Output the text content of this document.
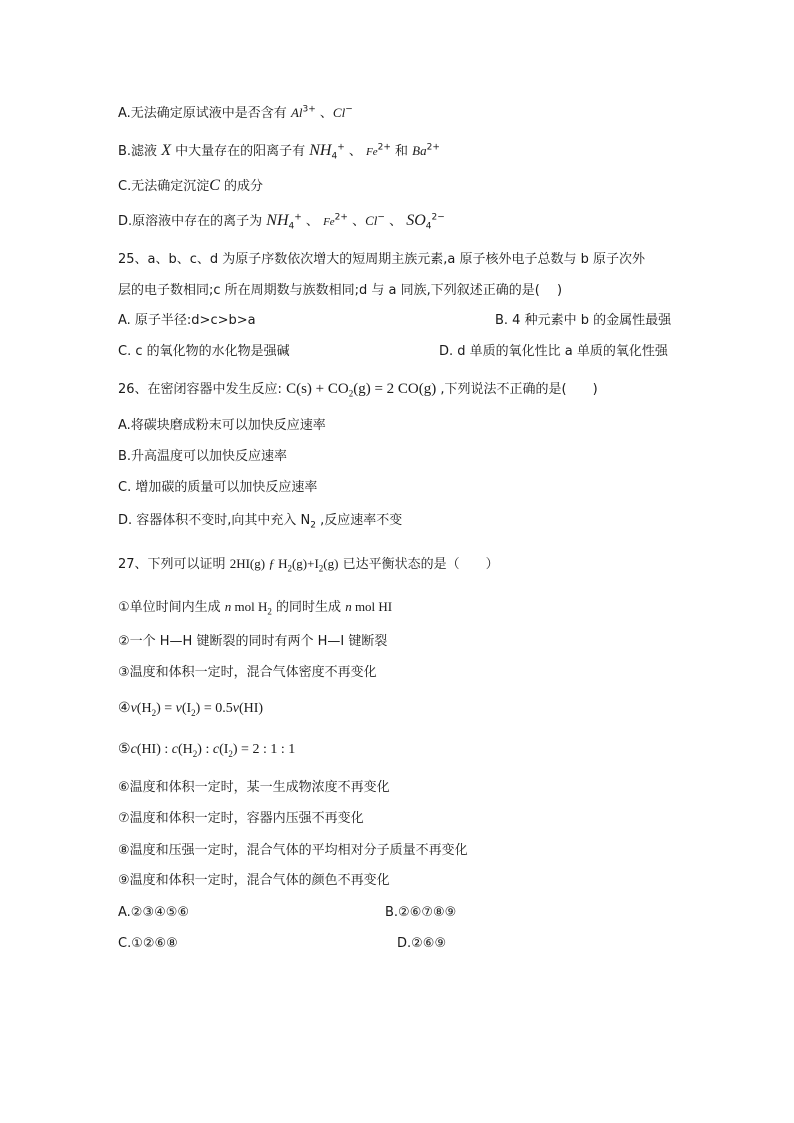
A.无法确定原试液中是否含有 $Al^{3+}$ 、Cl−
B.滤液 X 中大量存在的阳离子有 $NH_4^+$ 、 $Fe^{2+}$ 和 $Ba^{2+}$
C.无法确定沉淀C 的成分
D.原溶液中存在的离子为 $NH_4^+$ 、 $Fe^{2+}$ 、Cl− 、 $SO_4^{2-}$
25、a、b、c、d 为原子序数依次增大的短周期主族元素,a 原子核外电子总数与 b 原子次外
层的电子数相同;c 所在周期数与族数相同;d 与 a 同族,下列叙述正确的是(　 )
A. 原子半径:d>c>b>a	B. 4 种元素中 b 的金属性最强
C. c 的氧化物的水化物是强碱	D. d 单质的氧化性比 a 单质的氧化性强
26、在密闭容器中发生反应: $C(s) + CO_2(g) = 2$ CO(g) ,下列说法不正确的是(　　)
A.将碳块磨成粉末可以加快反应速率
B.升高温度可以加快反应速率
C. 增加碳的质量可以加快反应速率
D. 容器体积不变时,向其中充入 $N_2$ ,反应速率不变
27、下列可以证明 2HI(g) ƒ $H_2(g)+I_2(g)$ 已达平衡状态的是（　　）
①单位时间内生成 n mol $H_2$ 的同时生成 n mol HI
②一个 H—H 键断裂的同时有两个 H—I 键断裂
③温度和体积一定时，混合气体密度不再变化
$④v(H_2) = v(I_2) = 0.5v(HI)$
⑤c(HI) : $c(H_2)$ : $c(I_2) = 2$ : 1 : 1
⑥温度和体积一定时，某一生成物浓度不再变化
⑦温度和体积一定时，容器内压强不再变化
⑧温度和压强一定时，混合气体的平均相对分子质量不再变化
⑨温度和体积一定时，混合气体的颜色不再变化
A.②③④⑤⑥	B.②⑥⑦⑧⑨
C.①②⑥⑧	D.②⑥⑨
